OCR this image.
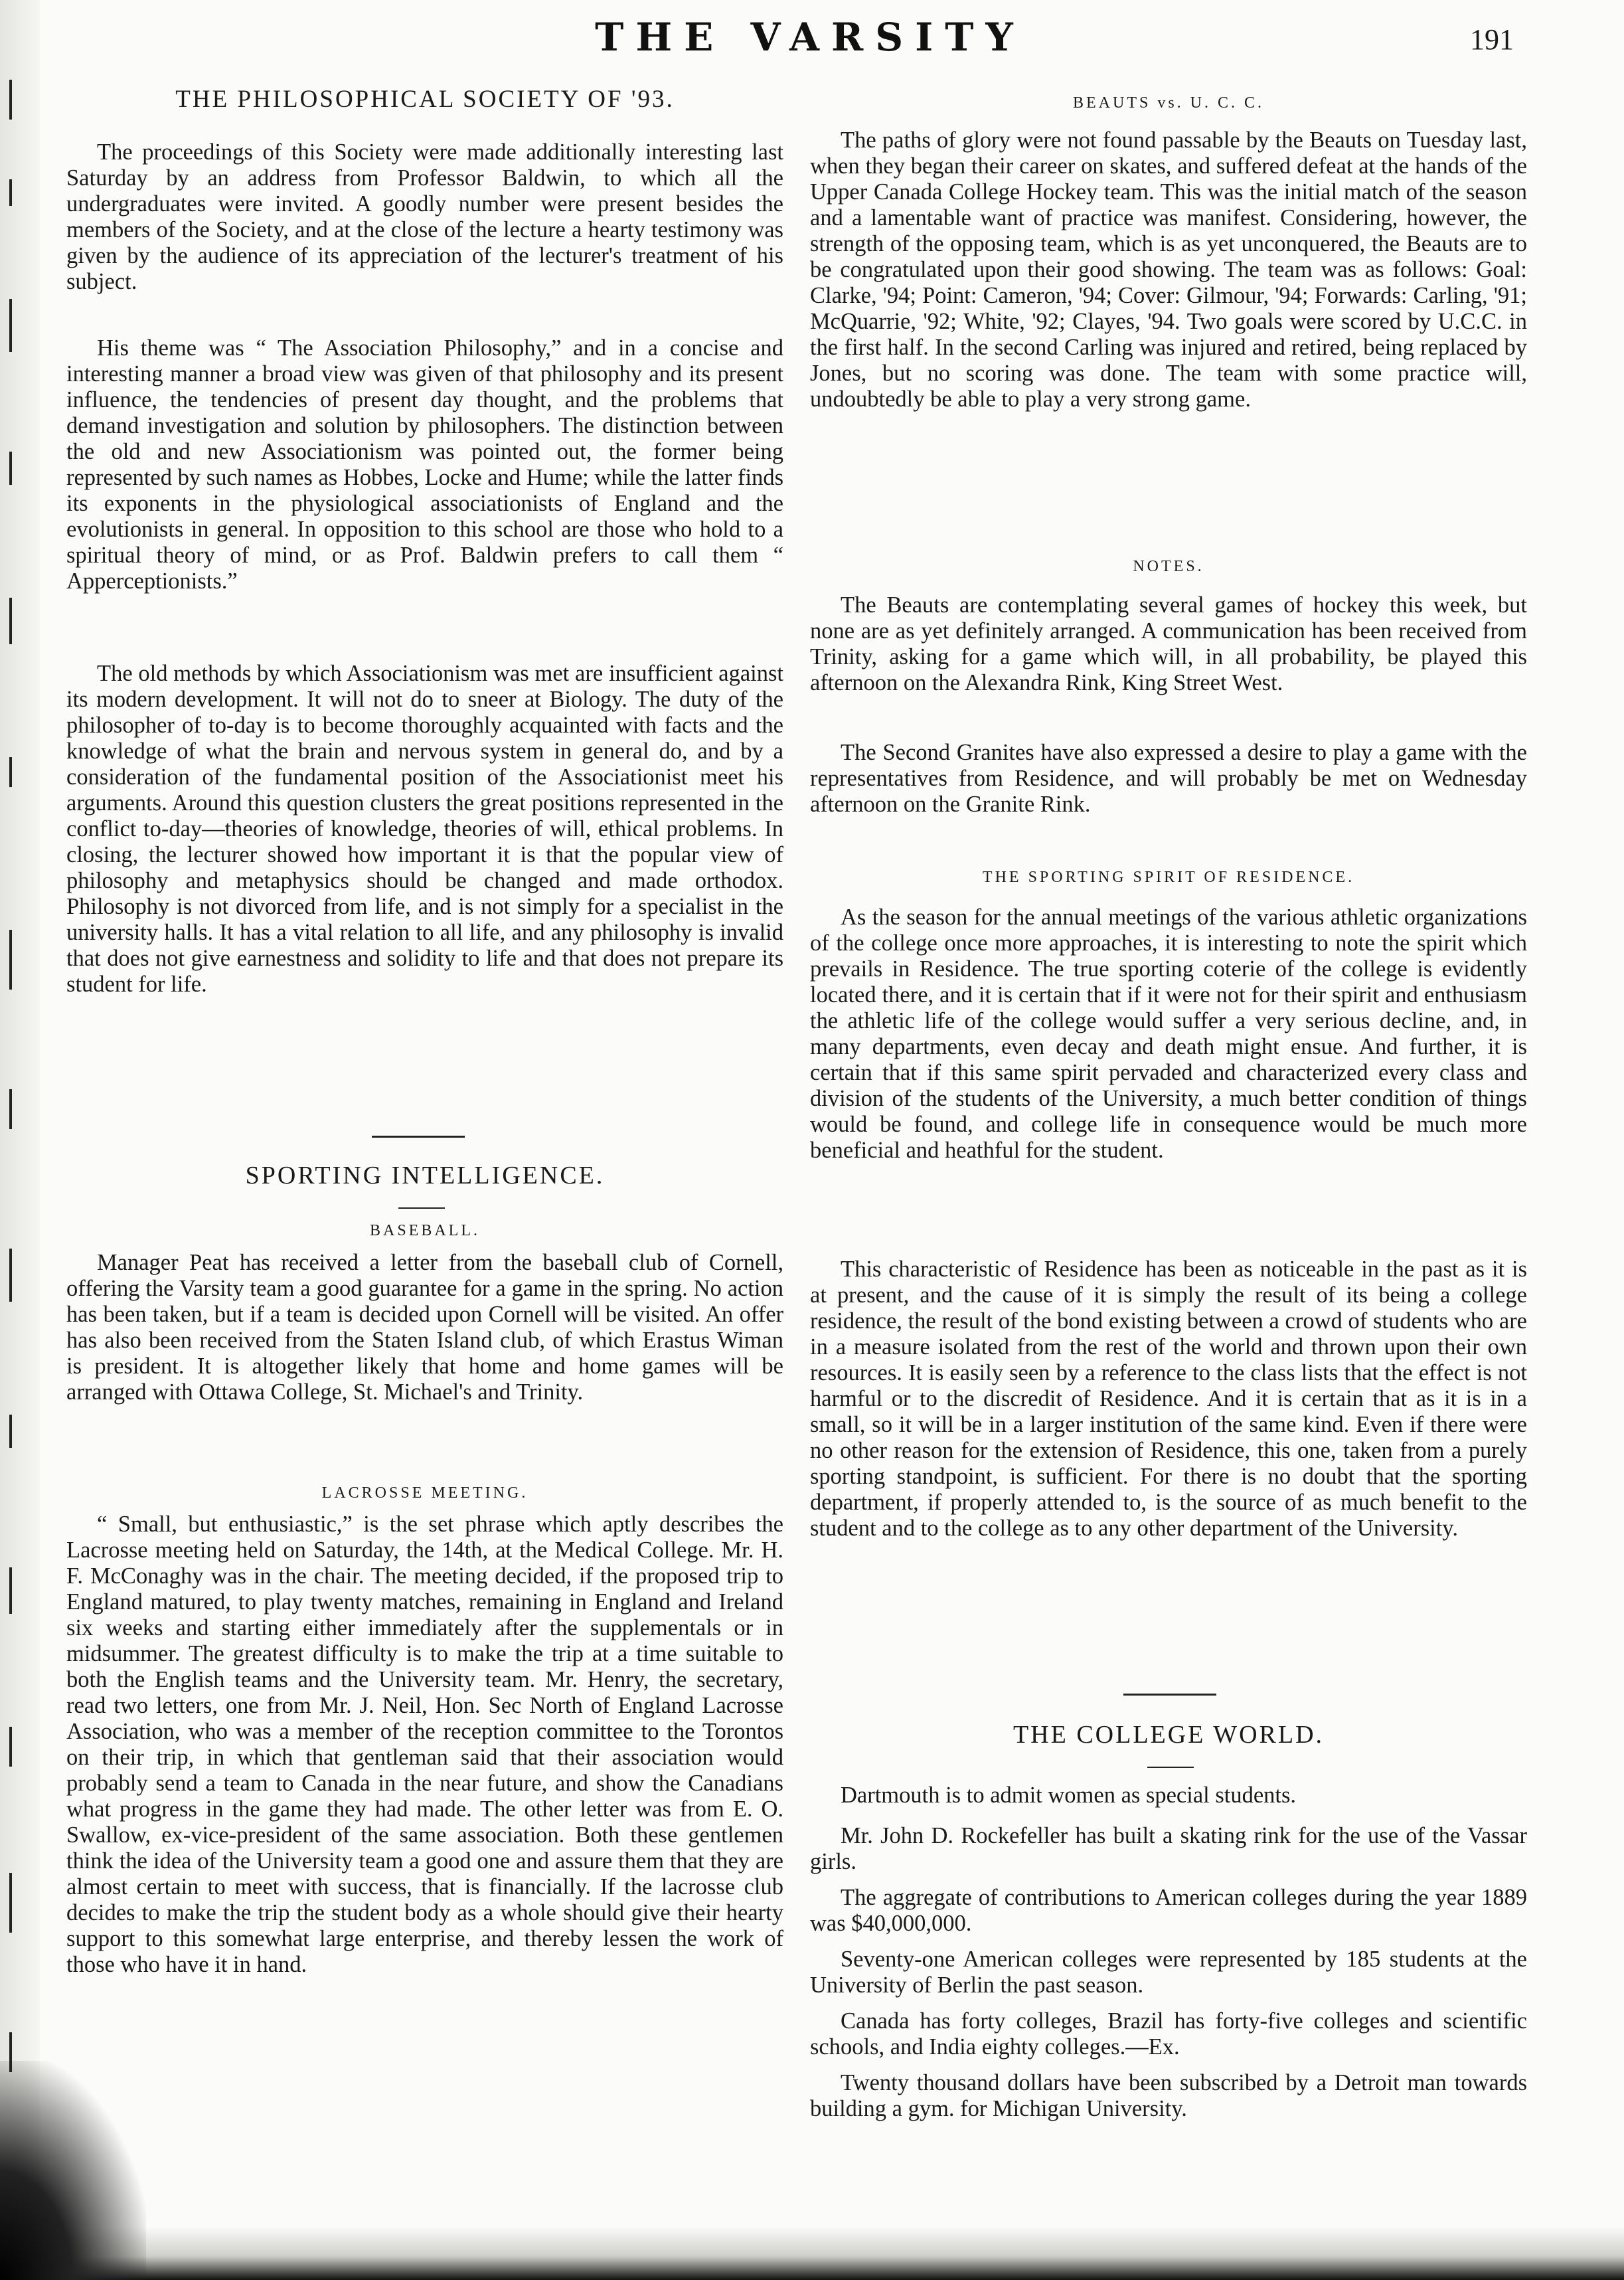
THE VARSITY	191
THE PHILOSOPHICAL SOCIETY OF '93.

The proceedings of this Society were made additionally interesting last Saturday by an address from Professor Baldwin, to which all the undergraduates were invited. A goodly number were present besides the members of the Society, and at the close of the lecture a hearty testimony was given by the audience of its appreciation of the lecturer's treatment of his subject.

His theme was “ The Association Philosophy,” and in a concise and interesting manner a broad view was given of that philosophy and its present influence, the tendencies of present day thought, and the problems that demand investigation and solution by philosophers. The distinction between the old and new Associationism was pointed out, the former being represented by such names as Hobbes, Locke and Hume; while the latter finds its exponents in the physiological associationists of England and the evolutionists in general. In opposition to this school are those who hold to a spiritual theory of mind, or as Prof. Baldwin prefers to call them “ Apperceptionists.”

The old methods by which Associationism was met are insufficient against its modern development. It will not do to sneer at Biology. The duty of the philosopher of to-day is to become thoroughly acquainted with facts and the knowledge of what the brain and nervous system in general do, and by a consideration of the fundamental position of the Associationist meet his arguments. Around this question clusters the great positions represented in the conflict to-day—theories of knowledge, theories of will, ethical problems. In closing, the lecturer showed how important it is that the popular view of philosophy and metaphysics should be changed and made orthodox. Philosophy is not divorced from life, and is not simply for a specialist in the university halls. It has a vital relation to all life, and any philosophy is invalid that does not give earnestness and solidity to life and that does not prepare its student for life.

SPORTING INTELLIGENCE.
BASEBALL.

Manager Peat has received a letter from the baseball club of Cornell, offering the Varsity team a good guarantee for a game in the spring. No action has been taken, but if a team is decided upon Cornell will be visited. An offer has also been received from the Staten Island club, of which Erastus Wiman is president. It is altogether likely that home and home games will be arranged with Ottawa College, St. Michael's and Trinity.

LACROSSE MEETING.

“ Small, but enthusiastic,” is the set phrase which aptly describes the Lacrosse meeting held on Saturday, the 14th, at the Medical College. Mr. H. F. McConaghy was in the chair. The meeting decided, if the proposed trip to England matured, to play twenty matches, remaining in England and Ireland six weeks and starting either immediately after the supplementals or in midsummer. The greatest difficulty is to make the trip at a time suitable to both the English teams and the University team. Mr. Henry, the secretary, read two letters, one from Mr. J. Neil, Hon. Sec North of England Lacrosse Association, who was a member of the reception committee to the Torontos on their trip, in which that gentleman said that their association would probably send a team to Canada in the near future, and show the Canadians what progress in the game they had made. The other letter was from E. O. Swallow, ex-vice-president of the same association. Both these gentlemen think the idea of the University team a good one and assure them that they are almost certain to meet with success, that is financially. If the lacrosse club decides to make the trip the student body as a whole should give their hearty support to this somewhat large enterprise, and thereby lessen the work of those who have it in hand.

BEAUTS vs. U. C. C.

The paths of glory were not found passable by the Beauts on Tuesday last, when they began their career on skates, and suffered defeat at the hands of the Upper Canada College Hockey team. This was the initial match of the season and a lamentable want of practice was manifest. Considering, however, the strength of the opposing team, which is as yet unconquered, the Beauts are to be congratulated upon their good showing. The team was as follows: Goal: Clarke, '94; Point: Cameron, '94; Cover: Gilmour, '94; Forwards: Carling, '91; McQuarrie, '92; White, '92; Clayes, '94. Two goals were scored by U.C.C. in the first half. In the second Carling was injured and retired, being replaced by Jones, but no scoring was done. The team with some practice will, undoubtedly be able to play a very strong game.

NOTES.

The Beauts are contemplating several games of hockey this week, but none are as yet definitely arranged. A communication has been received from Trinity, asking for a game which will, in all probability, be played this afternoon on the Alexandra Rink, King Street West.

The Second Granites have also expressed a desire to play a game with the representatives from Residence, and will probably be met on Wednesday afternoon on the Granite Rink.

THE SPORTING SPIRIT OF RESIDENCE.

As the season for the annual meetings of the various athletic organizations of the college once more approaches, it is interesting to note the spirit which prevails in Residence. The true sporting coterie of the college is evidently located there, and it is certain that if it were not for their spirit and enthusiasm the athletic life of the college would suffer a very serious decline, and, in many departments, even decay and death might ensue. And further, it is certain that if this same spirit pervaded and characterized every class and division of the students of the University, a much better condition of things would be found, and college life in consequence would be much more beneficial and heathful for the student.

This characteristic of Residence has been as noticeable in the past as it is at present, and the cause of it is simply the result of its being a college residence, the result of the bond existing between a crowd of students who are in a measure isolated from the rest of the world and thrown upon their own resources. It is easily seen by a reference to the class lists that the effect is not harmful or to the discredit of Residence. And it is certain that as it is in a small, so it will be in a larger institution of the same kind. Even if there were no other reason for the extension of Residence, this one, taken from a purely sporting standpoint, is sufficient. For there is no doubt that the sporting department, if properly attended to, is the source of as much benefit to the student and to the college as to any other department of the University.

THE COLLEGE WORLD.

Dartmouth is to admit women as special students.

Mr. John D. Rockefeller has built a skating rink for the use of the Vassar girls.

The aggregate of contributions to American colleges during the year 1889 was $40,000,000.

Seventy-one American colleges were represented by 185 students at the University of Berlin the past season.

Canada has forty colleges, Brazil has forty-five colleges and scientific schools, and India eighty colleges.—Ex.

Twenty thousand dollars have been subscribed by a Detroit man towards building a gym. for Michigan University.
